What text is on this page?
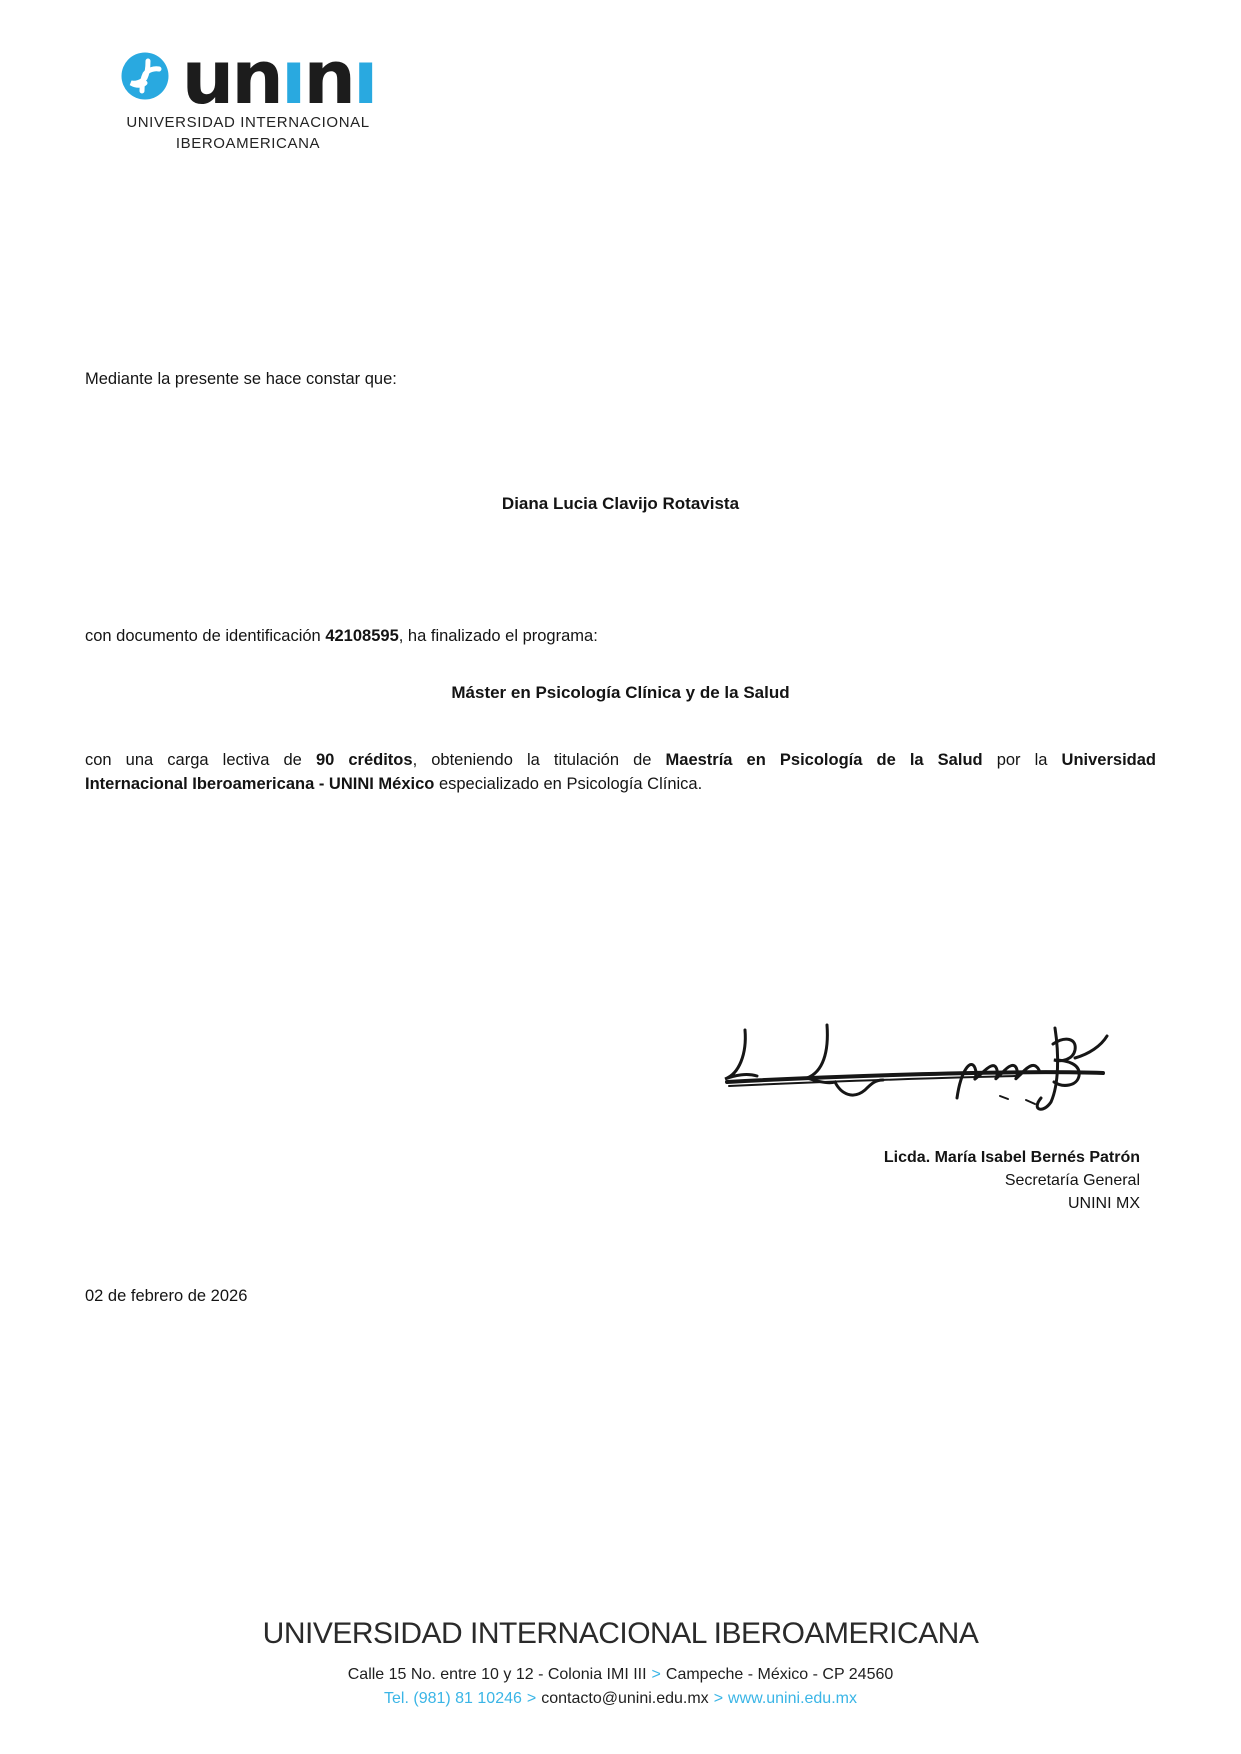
unını
UNIVERSIDAD INTERNACIONAL
IBEROAMERICANA

Mediante la presente se hace constar que:

Diana Lucia Clavijo Rotavista

con documento de identificación 42108595, ha finalizado el programa:

Máster en Psicología Clínica y de la Salud

con una carga lectiva de 90 créditos, obteniendo la titulación de Maestría en Psicología de la Salud por la Universidad
Internacional Iberoamericana - UNINI México especializado en Psicología Clínica.
Licda. María Isabel Bernés Patrón
Secretaría General
UNINI MX

02 de febrero de 2026

UNIVERSIDAD INTERNACIONAL IBEROAMERICANA
Calle 15 No. entre 10 y 12 - Colonia IMI III > Campeche - México - CP 24560
Tel. (981) 81 10246 > contacto@unini.edu.mx > www.unini.edu.mx
